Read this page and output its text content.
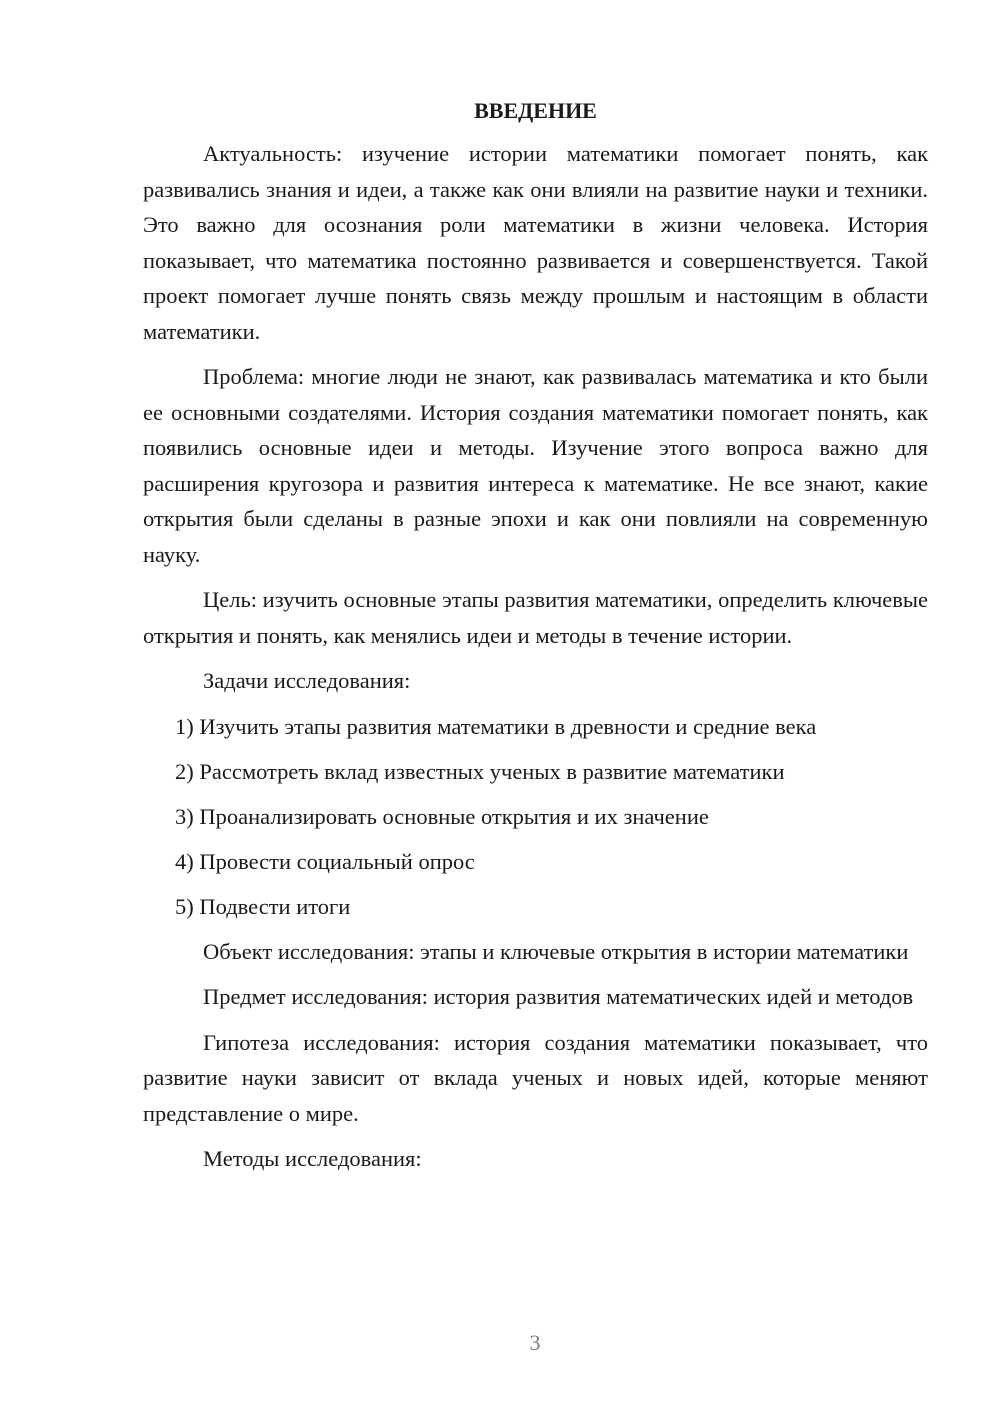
ВВЕДЕНИЕ

Актуальность: изучение истории математики помогает понять, как развивались знания и идеи, а также как они влияли на развитие науки и техники. Это важно для осознания роли математики в жизни человека. История показывает, что математика постоянно развивается и совершенствуется. Такой проект помогает лучше понять связь между прошлым и настоящим в области математики.

Проблема: многие люди не знают, как развивалась математика и кто были ее основными создателями. История создания математики помогает понять, как появились основные идеи и методы. Изучение этого вопроса важно для расширения кругозора и развития интереса к математике. Не все знают, какие открытия были сделаны в разные эпохи и как они повлияли на современную науку.

Цель: изучить основные этапы развития математики, определить ключевые открытия и понять, как менялись идеи и методы в течение истории.

Задачи исследования:

1) Изучить этапы развития математики в древности и средние века
2) Рассмотреть вклад известных ученых в развитие математики
3) Проанализировать основные открытия и их значение
4) Провести социальный опрос
5) Подвести итоги

Объект исследования: этапы и ключевые открытия в истории математики

Предмет исследования: история развития математических идей и методов

Гипотеза исследования: история создания математики показывает, что развитие науки зависит от вклада ученых и новых идей, которые меняют представление о мире.

Методы исследования:

3
